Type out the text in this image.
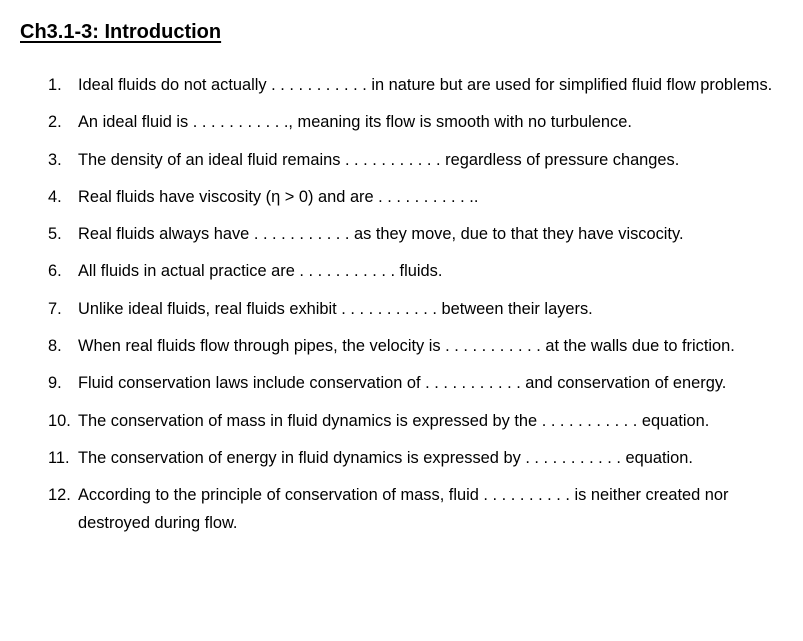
Ch3.1-3: Introduction
1. Ideal fluids do not actually . . . . . . . . . . . in nature but are used for simplified fluid flow problems.
2. An ideal fluid is . . . . . . . . . . ., meaning its flow is smooth with no turbulence.
3. The density of an ideal fluid remains . . . . . . . . . . . regardless of pressure changes.
4. Real fluids have viscosity (η > 0) and are . . . . . . . . . . ..
5. Real fluids always have . . . . . . . . . . . as they move, due to that they have viscocity.
6. All fluids in actual practice are . . . . . . . . . . . fluids.
7. Unlike ideal fluids, real fluids exhibit . . . . . . . . . . . between their layers.
8. When real fluids flow through pipes, the velocity is . . . . . . . . . . . at the walls due to friction.
9. Fluid conservation laws include conservation of . . . . . . . . . . . and conservation of energy.
10. The conservation of mass in fluid dynamics is expressed by the . . . . . . . . . . . equation.
11. The conservation of energy in fluid dynamics is expressed by . . . . . . . . . . . equation.
12. According to the principle of conservation of mass, fluid . . . . . . . . . . is neither created nor destroyed during flow.
